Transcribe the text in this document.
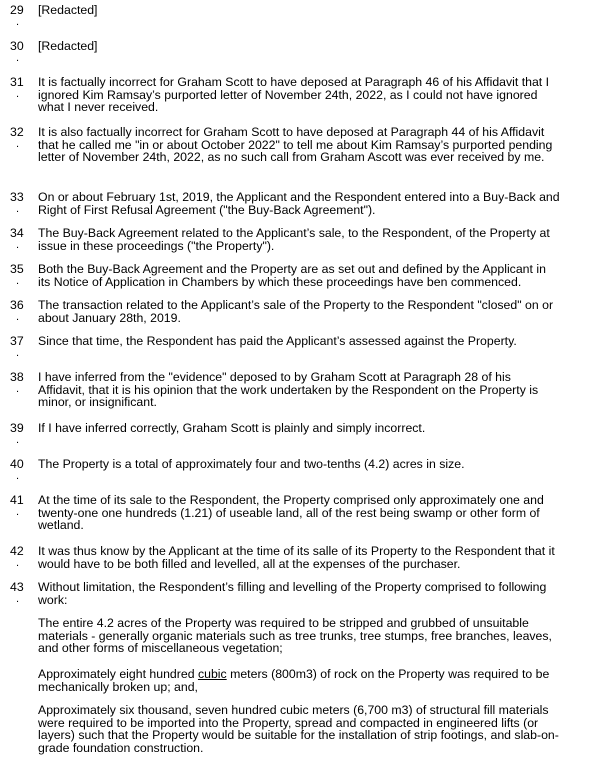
29
.

[Redacted]

30
.

[Redacted]

31
.

It is factually incorrect for Graham Scott to have deposed at Paragraph 46 of his Affidavit that I ignored Kim Ramsay’s purported letter of November 24th, 2022, as I could not have ignored what I never received.

32
.

It is also factually incorrect for Graham Scott to have deposed at Paragraph 44 of his Affidavit that he called me "in or about October 2022" to tell me about Kim Ramsay’s purported pending letter of November 24th, 2022, as no such call from Graham Ascott was ever received by me.

33
.

On or about February 1st, 2019, the Applicant and the Respondent entered into a Buy-Back and Right of First Refusal Agreement ("the Buy-Back Agreement").

34
.

The Buy-Back Agreement related to the Applicant’s sale, to the Respondent, of the Property at issue in these proceedings ("the Property").

35
.

Both the Buy-Back Agreement and the Property are as set out and defined by the Applicant in its Notice of Application in Chambers by which these proceedings have ben commenced.

36
.

The transaction related to the Applicant’s sale of the Property to the Respondent "closed" on or about January 28th, 2019.

37
.

Since that time, the Respondent has paid the Applicant’s assessed against the Property.

38
.

I have inferred from the "evidence" deposed to by Graham Scott at Paragraph 28 of his Affidavit, that it is his opinion that the work undertaken by the Respondent on the Property is minor, or insignificant.

39
.

If I have inferred correctly, Graham Scott is plainly and simply incorrect.

40
.

The Property is a total of approximately four and two-tenths (4.2) acres in size.

41
.

At the time of its sale to the Respondent, the Property comprised only approximately one and twenty-one one hundreds (1.21) of useable land, all of the rest being swamp or other form of wetland.

42
.

It was thus know by the Applicant at the time of its salle of its Property to the Respondent that it would have to be both filled and levelled, all at the expenses of the purchaser.

43
.

Without limitation, the Respondent’s filling and levelling of the Property comprised to following work:

The entire 4.2 acres of the Property was required to be stripped and grubbed of unsuitable materials - generally organic materials such as tree trunks, tree stumps, free branches, leaves, and other forms of miscellaneous vegetation;

Approximately eight hundred cubic meters (800m3) of rock on the Property was required to be mechanically broken up; and,

Approximately six thousand, seven hundred cubic meters (6,700 m3) of structural fill materials were required to be imported into the Property, spread and compacted in engineered lifts (or layers) such that the Property would be suitable for the installation of strip footings, and slab-on-grade foundation construction.
